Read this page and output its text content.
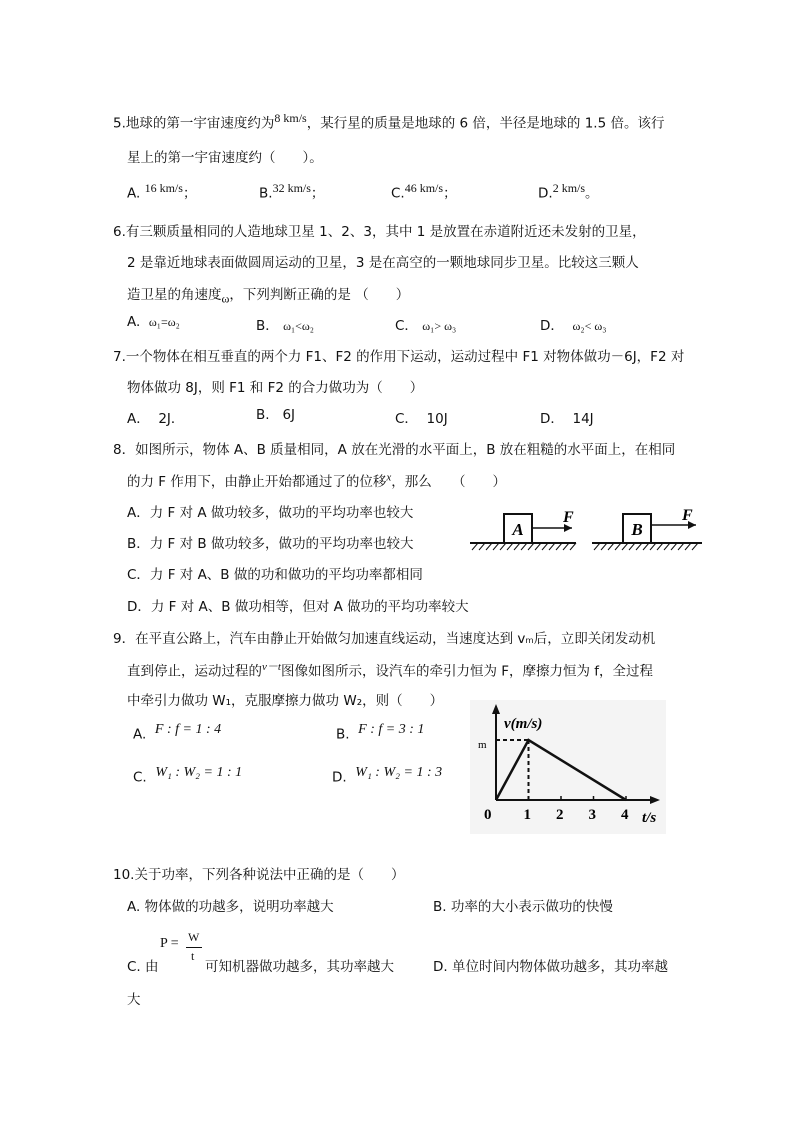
5.地球的第一宇宙速度约为$^{8 km/s}$，某行星的质量是地球的 6 倍，半径是地球的 1.5 倍。该行
星上的第一宇宙速度约（　　）。
A. $^{16 km/s}$；	B.$^{32 km/s}$；	C.$^{46 km/s}$；	D.$^{2 km/s}$。
6.有三颗质量相同的人造地球卫星 1、2、3，其中 1 是放置在赤道附近还未发射的卫星，
2 是靠近地球表面做圆周运动的卫星，3 是在高空的一颗地球同步卫星。比较这三颗人
造卫星的角速度$_\omega$，下列判断正确的是 （　　）
A. ω₁=ω₂	B． ω₁<ω₂	C． ω₁> ω₃	D． ω₂< ω₃
7.一个物体在相互垂直的两个力 F1、F2 的作用下运动，运动过程中 F1 对物体做功－6J，F2 对
物体做功 8J，则 F1 和 F2 的合力做功为（　　）
A． 2J．	B. 6J	C． 10J	D． 14J
8．如图所示，物体 A、B 质量相同，A 放在光滑的水平面上，B 放在粗糙的水平面上，在相同
的力 F 作用下，由静止开始都通过了的位移$^x$，那么　　（　　）
A．力 F 对 A 做功较多，做功的平均功率也较大
B．力 F 对 B 做功较多，做功的平均功率也较大
C．力 F 对 A、B 做的功和做功的平均功率都相同
D．力 F 对 A、B 做功相等，但对 A 做功的平均功率较大
A
F
B
F
9．在平直公路上，汽车由静止开始做匀加速直线运动，当速度达到 vₘ后，立即关闭发动机
直到停止，运动过程的$^{v-t}$图像如图所示，设汽车的牵引力恒为 F，摩擦力恒为 f，全过程
中牵引力做功 W₁，克服摩擦力做功 W₂，则（　　）
A. $^{F : f = 1 : 4}$	B. $^{F : f = 3 : 1}$
C. $^{W_1 : W_2 = 1 : 1}$	D. $^{W_1 : W_2 = 1 : 3}$
v(m/s)
t/s
m
0 1 2 3 4
10.关于功率，下列各种说法中正确的是（　　）
A. 物体做的功越多，说明功率越大	B. 功率的大小表示做功的快慢
P = W
t
C. 由	可知机器做功越多，其功率越大	D. 单位时间内物体做功越多，其功率越
大
